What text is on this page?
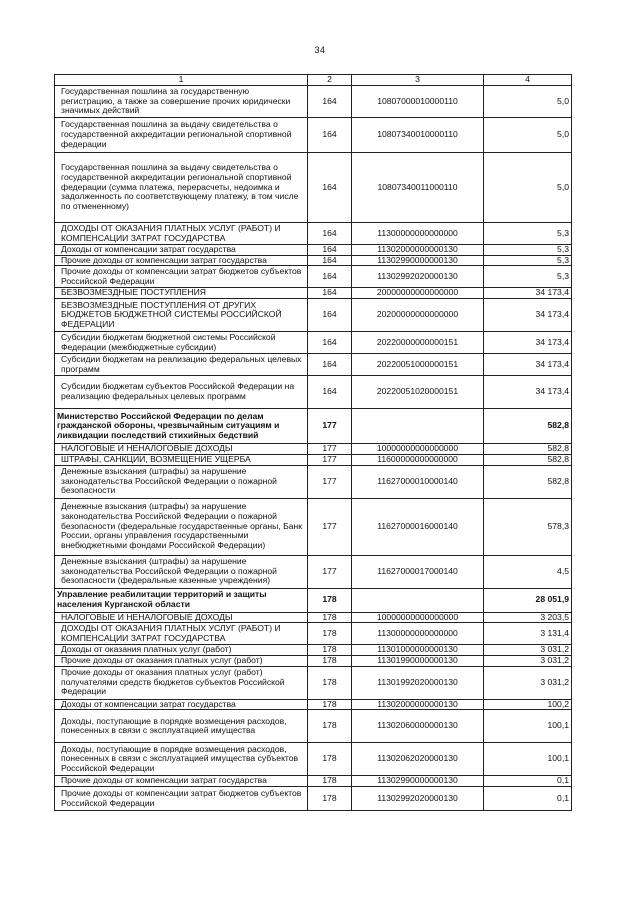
34
1	2	3	4
Государственная пошлина за государственную регистрацию, а также за совершение прочих юридически значимых действий	164	10807000010000110	5,0
Государственная пошлина за выдачу свидетельства о государственной аккредитации региональной спортивной федерации	164	10807340010000110	5,0
Государственная пошлина за выдачу свидетельства о государственной аккредитации региональной спортивной федерации (сумма платежа, перерасчеты, недоимка и задолженность по соответствующему платежу, в том числе по отмененному)	164	10807340011000110	5,0
ДОХОДЫ ОТ ОКАЗАНИЯ ПЛАТНЫХ УСЛУГ (РАБОТ) И КОМПЕНСАЦИИ ЗАТРАТ ГОСУДАРСТВА	164	11300000000000000	5,3
Доходы от компенсации затрат государства	164	11302000000000130	5,3
Прочие доходы от компенсации затрат государства	164	11302990000000130	5,3
Прочие доходы от компенсации затрат бюджетов субъектов Российской Федерации	164	11302992020000130	5,3
БЕЗВОЗМЕЗДНЫЕ ПОСТУПЛЕНИЯ	164	20000000000000000	34 173,4
БЕЗВОЗМЕЗДНЫЕ ПОСТУПЛЕНИЯ ОТ ДРУГИХ БЮДЖЕТОВ БЮДЖЕТНОЙ СИСТЕМЫ РОССИЙСКОЙ ФЕДЕРАЦИИ	164	20200000000000000	34 173,4
Субсидии бюджетам бюджетной системы Российской Федерации (межбюджетные субсидии)	164	20220000000000151	34 173,4
Субсидии бюджетам на реализацию федеральных целевых программ	164	20220051000000151	34 173,4
Субсидии бюджетам субъектов Российской Федерации на реализацию федеральных целевых программ	164	20220051020000151	34 173,4
Министерство Российской Федерации по делам гражданской обороны, чрезвычайным ситуациям и ликвидации последствий стихийных бедствий	177		582,8
НАЛОГОВЫЕ И НЕНАЛОГОВЫЕ ДОХОДЫ	177	10000000000000000	582,8
ШТРАФЫ, САНКЦИИ, ВОЗМЕЩЕНИЕ УЩЕРБА	177	11600000000000000	582,8
Денежные взыскания (штрафы) за нарушение законодательства Российской Федерации о пожарной безопасности	177	11627000010000140	582,8
Денежные взыскания (штрафы) за нарушение законодательства Российской Федерации о пожарной безопасности (федеральные государственные органы, Банк России, органы управления государственными внебюджетными фондами Российской Федерации)	177	11627000016000140	578,3
Денежные взыскания (штрафы) за нарушение законодательства Российской Федерации о пожарной безопасности (федеральные казенные учреждения)	177	11627000017000140	4,5
Управление реабилитации территорий и защиты населения Курганской области	178		28 051,9
НАЛОГОВЫЕ И НЕНАЛОГОВЫЕ ДОХОДЫ	178	10000000000000000	3 203,5
ДОХОДЫ ОТ ОКАЗАНИЯ ПЛАТНЫХ УСЛУГ (РАБОТ) И КОМПЕНСАЦИИ ЗАТРАТ ГОСУДАРСТВА	178	11300000000000000	3 131,4
Доходы от оказания платных услуг (работ)	178	11301000000000130	3 031,2
Прочие доходы от оказания платных услуг (работ)	178	11301990000000130	3 031,2
Прочие доходы от оказания платных услуг (работ) получателями средств бюджетов субъектов Российской Федерации	178	11301992020000130	3 031,2
Доходы от компенсации затрат государства	178	11302000000000130	100,2
Доходы, поступающие в порядке возмещения расходов, понесенных в связи с эксплуатацией имущества	178	11302060000000130	100,1
Доходы, поступающие в порядке возмещения расходов, понесенных в связи с эксплуатацией имущества субъектов Российской Федерации	178	11302062020000130	100,1
Прочие доходы от компенсации затрат государства	178	11302990000000130	0,1
Прочие доходы от компенсации затрат бюджетов субъектов Российской Федерации	178	11302992020000130	0,1
